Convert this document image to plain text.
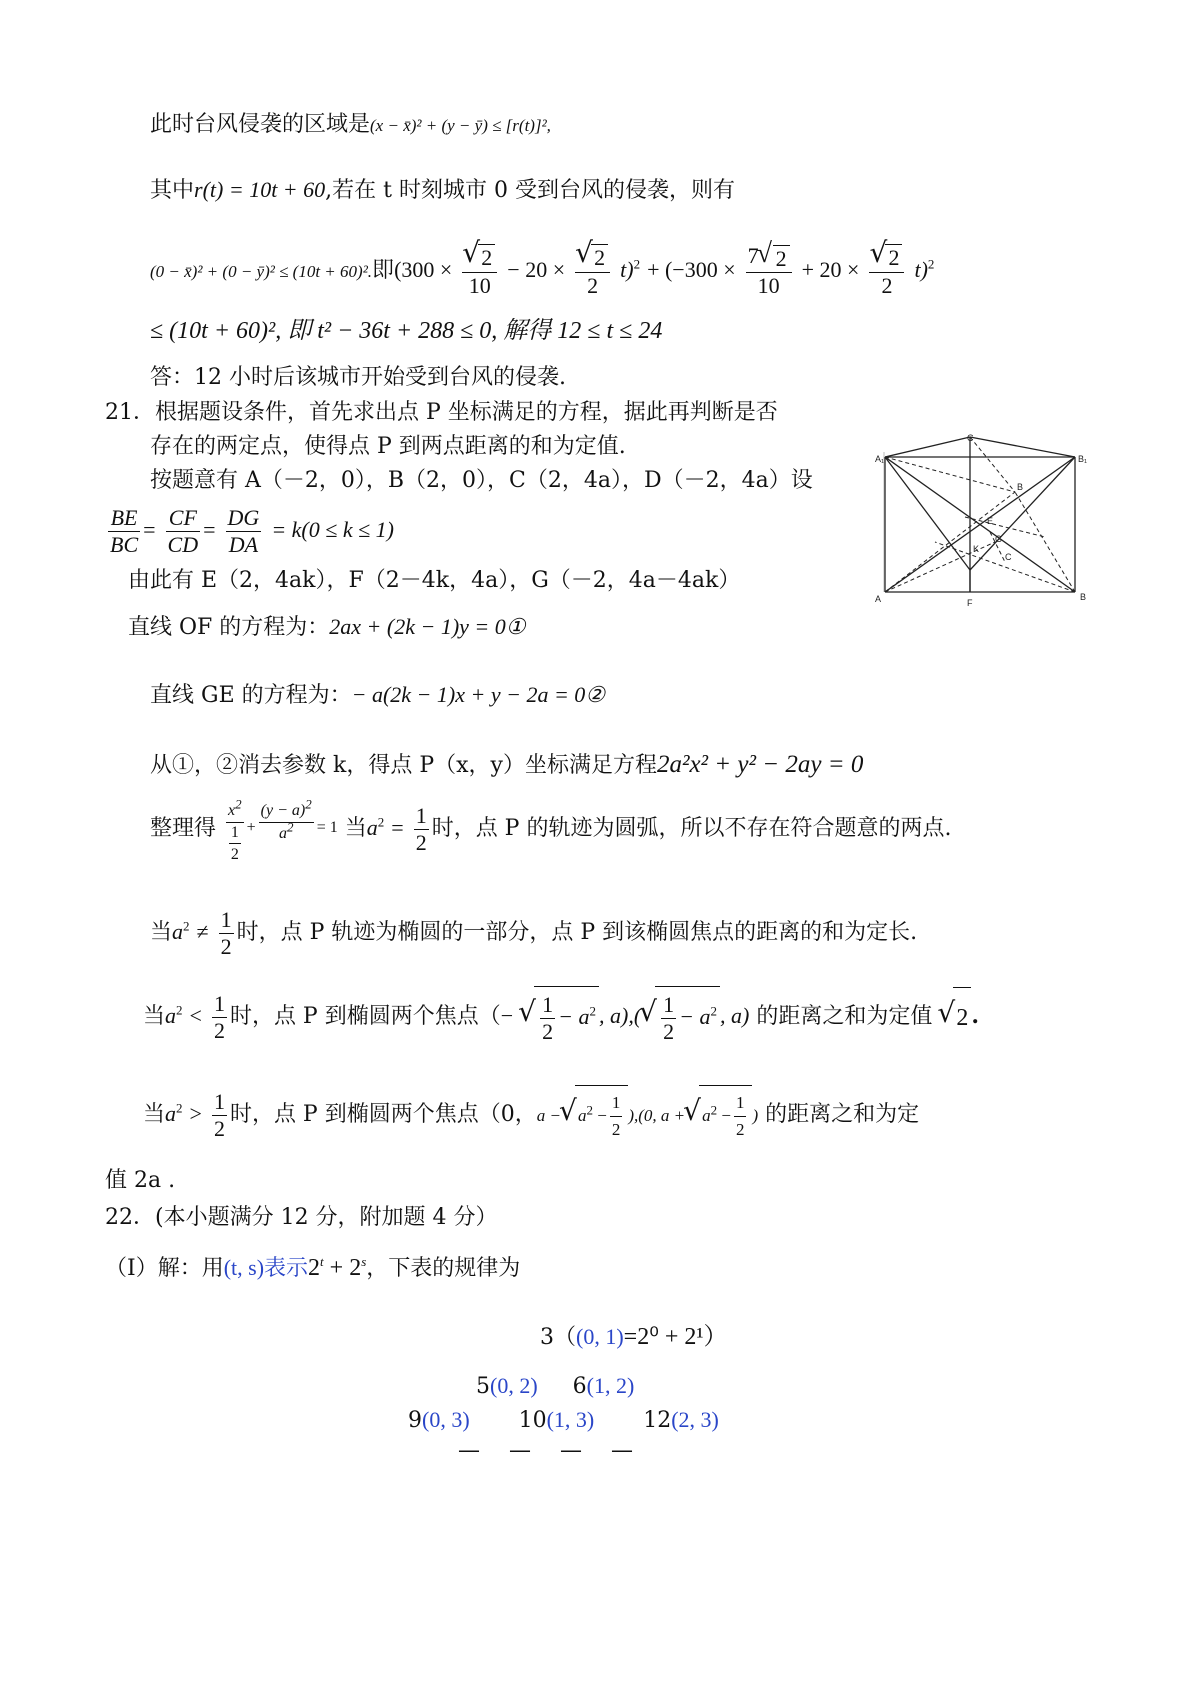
此时台风侵袭的区域是(x − x̄)² + (y − ȳ) ≤ [r(t)]²,
其中r(t) = 10t + 60,若在 t 时刻城市 0 受到台风的侵袭，则有
(0 − x̄)² + (0 − ȳ)² ≤ (10t + 60)².即(300 × √ $\frac{2}{10} - 20$ × √ $\frac{2}{2} t)^2 + (-300 \times \frac{7 √ 2}{10} + 20$ × √ $\frac{2}{2} t)^2$
≤ (10t + 60)², 即 t² − 36t + 288 ≤ 0, 解得 12 ≤ t ≤ 24
答：12 小时后该城市开始受到台风的侵袭.
21．根据题设条件，首先求出点 P 坐标满足的方程，据此再判断是否
存在的两定点，使得点 P 到两点距离的和为定值.
按题意有 A（－2，0），B（2，0），C（2，4a），D（－2，4a）设
$\frac{BE}{BC} = \frac{CF}{CD} = \frac{DG}{DA} = k(0 \le k \le 1)$
由此有 E（2，4ak），F（2－4k，4a），G（－2，4a－4ak）
直线 OF 的方程为：2ax + (2k − 1)y = 0①
直线 GE 的方程为：− a(2k − 1)x + y − 2a = 0②
从①，②消去参数 k，得点 P（x，y）坐标满足方程2a²x² + y² − 2ay = 0
整理得 $\frac{x^2}{\frac{1}{2}} ^+ \frac{(y - a)^2}{a^2} ^{= 1}$ 当$a^2 = \frac{1}{2}$ 时，点 P 的轨迹为圆弧，所以不存在符合题意的两点.
当$a^2 \ne \frac{1}{2}$ 时，点 P 轨迹为椭圆的一部分，点 P 到该椭圆焦点的距离的和为定长.
当$a^2 < \frac{1}{2}$ 时，点 P 到椭圆两个焦点（− √ $\frac{1}{2} - a^2$ , a),( √ $\frac{1}{2} - a^2$ , a) 的距离之和为定值 √ 2 .
当$a^2 > \frac{1}{2}$ 时，点 P 到椭圆两个焦点（0，a − √ $a^2 - \frac{1}{2} ),(0$, a + √ $a^2 - \frac{1}{2}$ ) 的距离之和为定
值 2a .
22．(本小题满分 12 分，附加题 4 分）
（Ⅰ）解：用(t, s)表示$2^t + 2^s$，下表的规律为
3（(0, 1)=2⁰ + 2¹）
5(0, 2) 6(1, 2)
9(0, 3) 10(1, 3) 12(2, 3)
—　 —　 —　 —
C
A₁	B₁
B
E
G
K
C
A	F
B
